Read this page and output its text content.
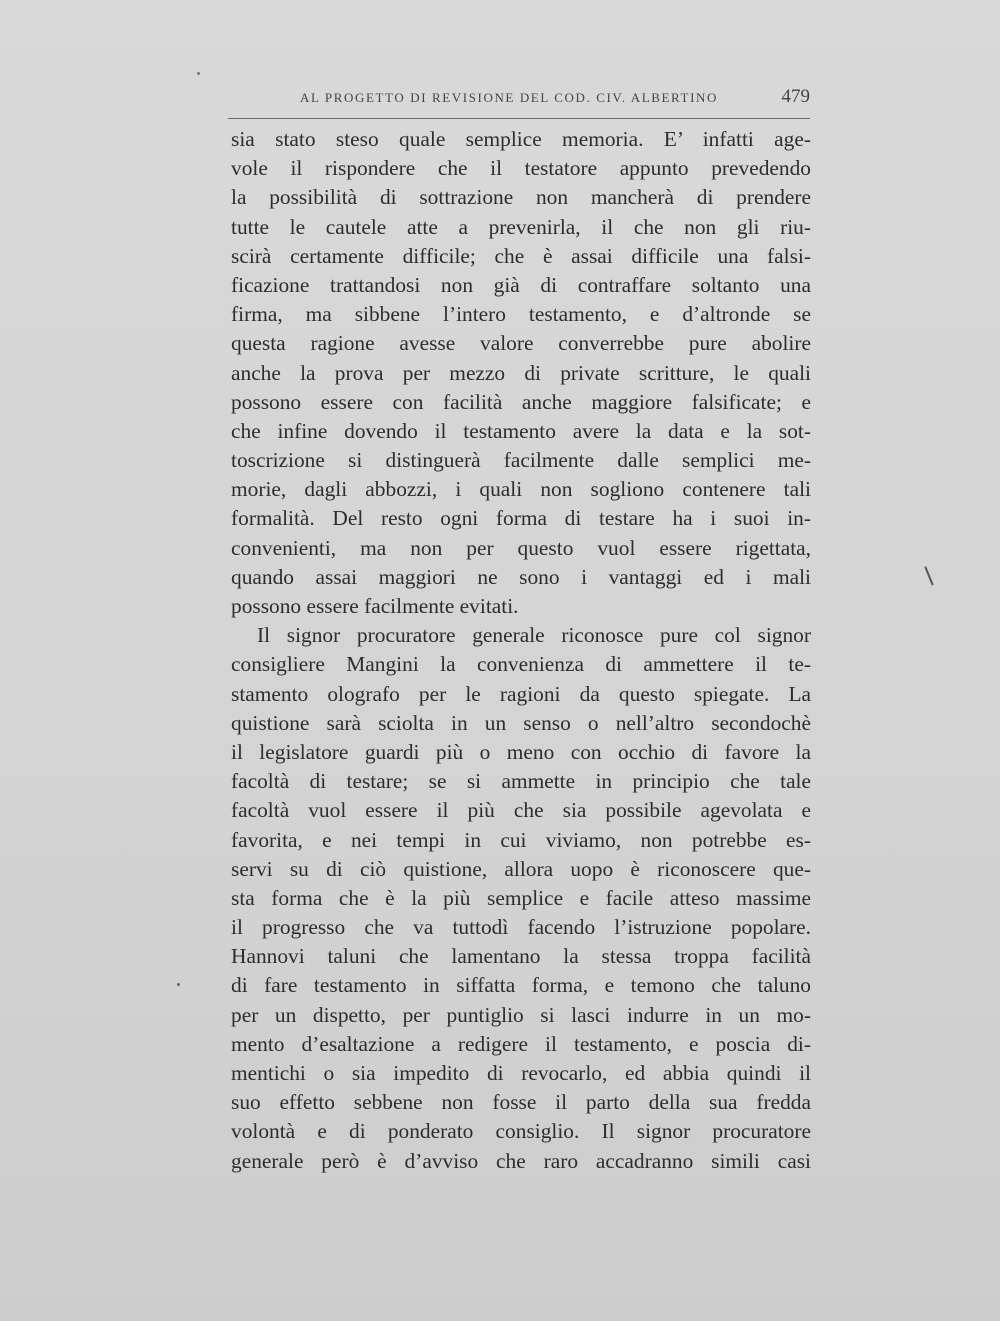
AL PROGETTO DI REVISIONE DEL COD. CIV. ALBERTINO	479
sia stato steso quale semplice memoria. E’ infatti age-
vole il rispondere che il testatore appunto prevedendo
la possibilità di sottrazione non mancherà di prendere
tutte le cautele atte a prevenirla, il che non gli riu-
scirà certamente difficile; che è assai difficile una falsi-
ficazione trattandosi non già di contraffare soltanto una
firma, ma sibbene l’intero testamento, e d’altronde se
questa ragione avesse valore converrebbe pure abolire
anche la prova per mezzo di private scritture, le quali
possono essere con facilità anche maggiore falsificate; e
che infine dovendo il testamento avere la data e la sot-
toscrizione si distinguerà facilmente dalle semplici me-
morie, dagli abbozzi, i quali non sogliono contenere tali
formalità. Del resto ogni forma di testare ha i suoi in-
convenienti, ma non per questo vuol essere rigettata,
quando assai maggiori ne sono i vantaggi ed i mali
possono essere facilmente evitati.
Il signor procuratore generale riconosce pure col signor
consigliere Mangini la convenienza di ammettere il te-
stamento olografo per le ragioni da questo spiegate. La
quistione sarà sciolta in un senso o nell’altro secondochè
il legislatore guardi più o meno con occhio di favore la
facoltà di testare; se si ammette in principio che tale
facoltà vuol essere il più che sia possibile agevolata e
favorita, e nei tempi in cui viviamo, non potrebbe es-
servi su di ciò quistione, allora uopo è riconoscere que-
sta forma che è la più semplice e facile atteso massime
il progresso che va tuttodì facendo l’istruzione popolare.
Hannovi taluni che lamentano la stessa troppa facilità
di fare testamento in siffatta forma, e temono che taluno
per un dispetto, per puntiglio si lasci indurre in un mo-
mento d’esaltazione a redigere il testamento, e poscia di-
mentichi o sia impedito di revocarlo, ed abbia quindi il
suo effetto sebbene non fosse il parto della sua fredda
volontà e di ponderato consiglio. Il signor procuratore
generale però è d’avviso che raro accadranno simili casi
